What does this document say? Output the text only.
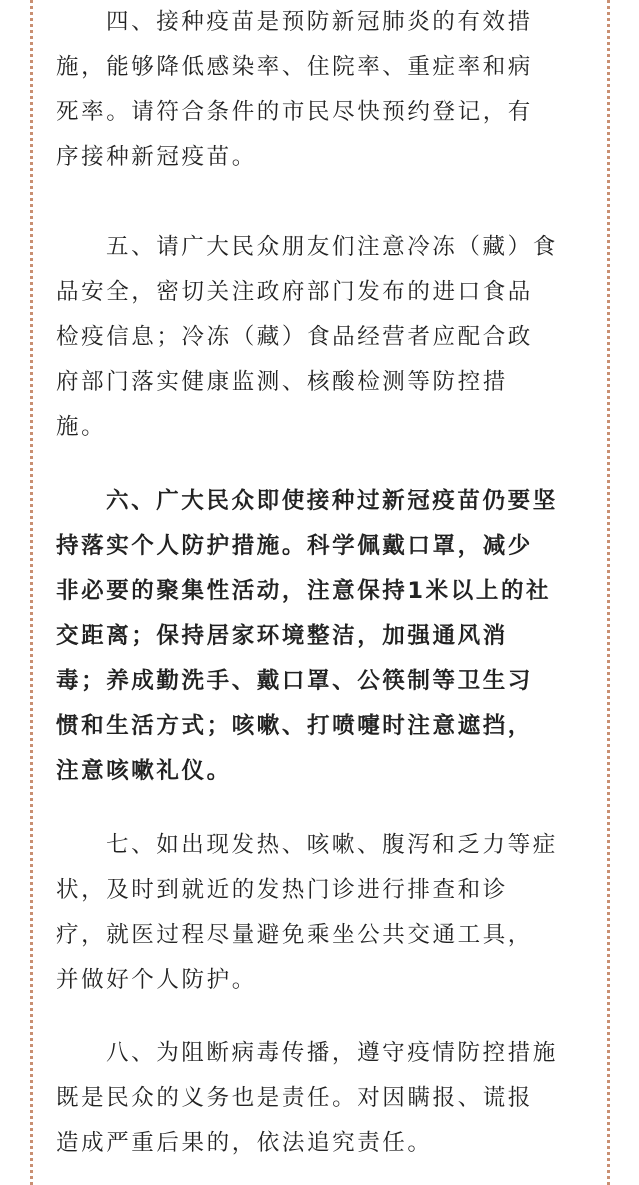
四、接种疫苗是预防新冠肺炎的有效措
施，能够降低感染率、住院率、重症率和病
死率。请符合条件的市民尽快预约登记，有
序接种新冠疫苗。
五、请广大民众朋友们注意冷冻（藏）食
品安全，密切关注政府部门发布的进口食品
检疫信息；冷冻（藏）食品经营者应配合政
府部门落实健康监测、核酸检测等防控措
施。
六、广大民众即使接种过新冠疫苗仍要坚
持落实个人防护措施。科学佩戴口罩，减少
非必要的聚集性活动，注意保持1米以上的社
交距离；保持居家环境整洁，加强通风消
毒；养成勤洗手、戴口罩、公筷制等卫生习
惯和生活方式；咳嗽、打喷嚏时注意遮挡，
注意咳嗽礼仪。
七、如出现发热、咳嗽、腹泻和乏力等症
状，及时到就近的发热门诊进行排查和诊
疗，就医过程尽量避免乘坐公共交通工具，
并做好个人防护。
八、为阻断病毒传播，遵守疫情防控措施
既是民众的义务也是责任。对因瞒报、谎报
造成严重后果的，依法追究责任。
